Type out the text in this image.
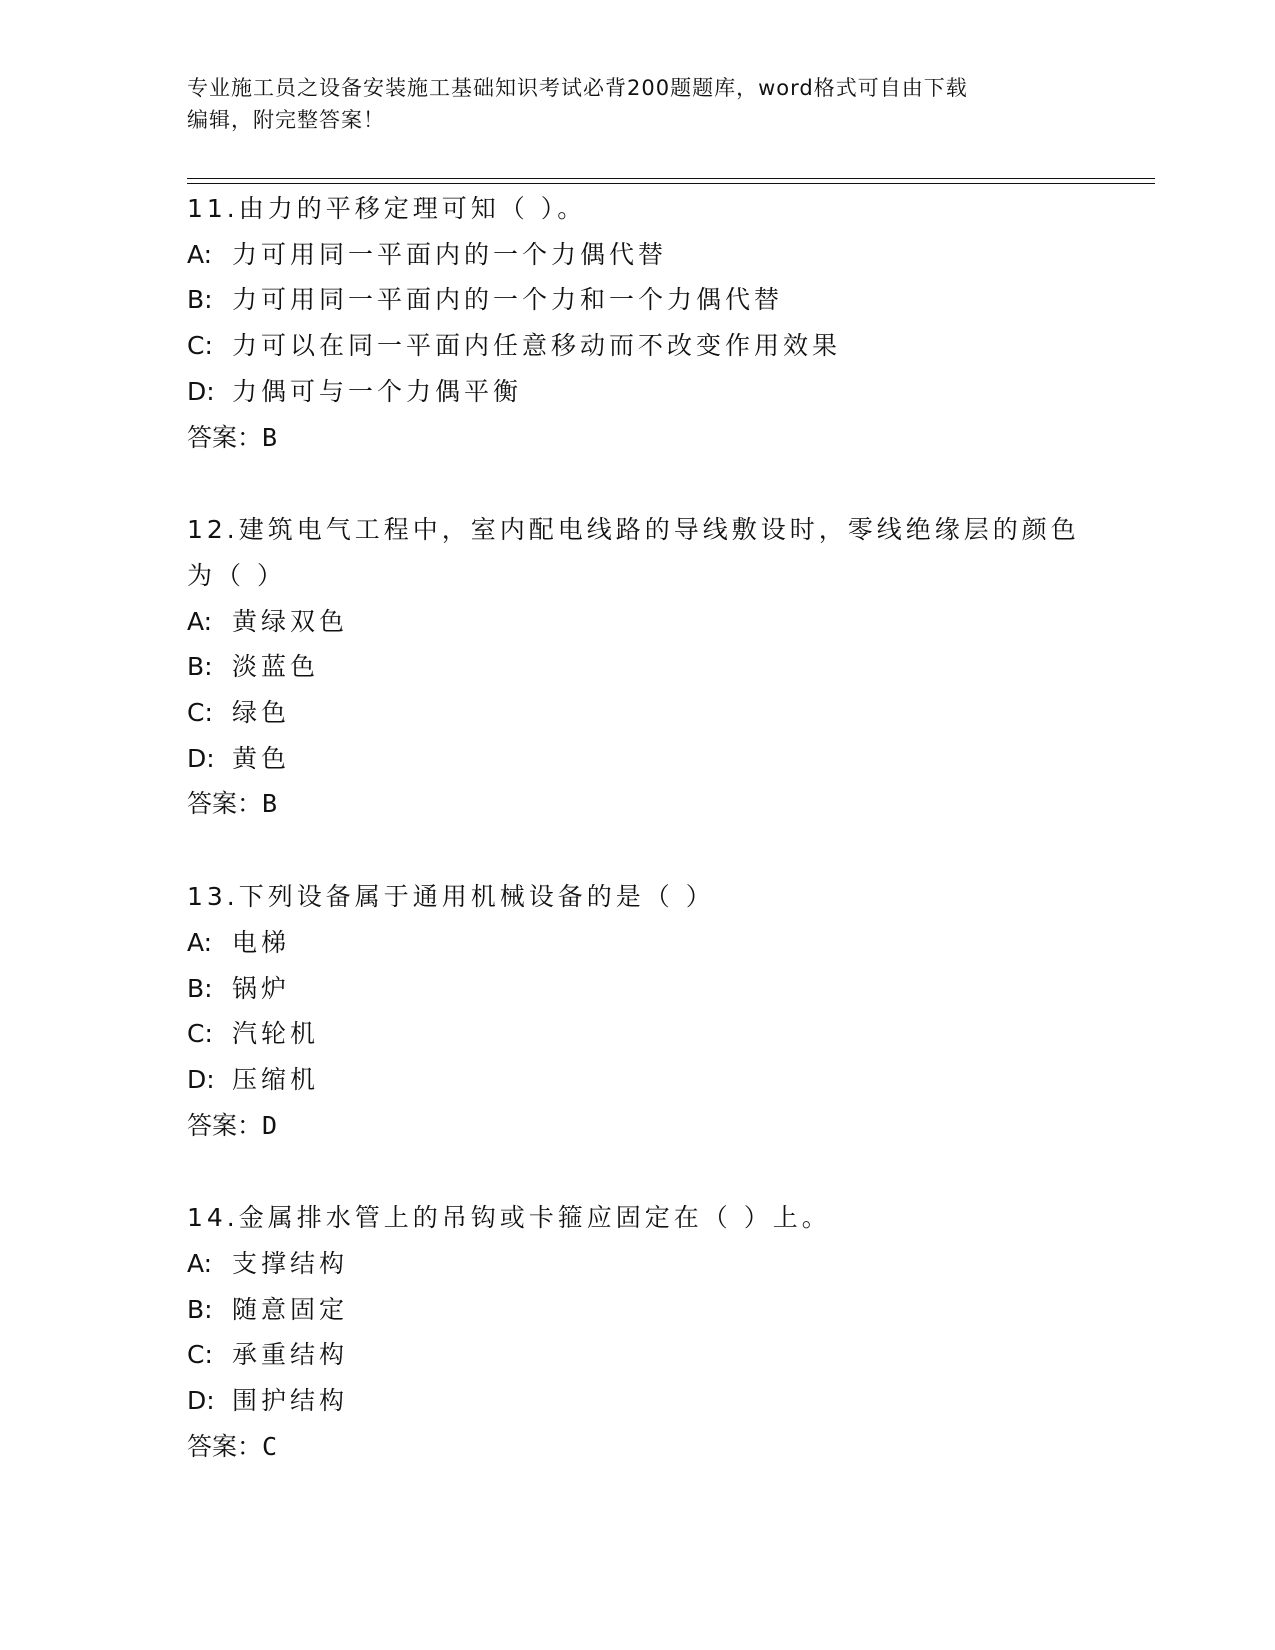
专业施工员之设备安装施工基础知识考试必背200题题库，word格式可自由下载
编辑，附完整答案！
11.由力的平移定理可知（ ）。
A: 力可用同一平面内的一个力偶代替
B: 力可用同一平面内的一个力和一个力偶代替
C: 力可以在同一平面内任意移动而不改变作用效果
D: 力偶可与一个力偶平衡
答案：B
12.建筑电气工程中，室内配电线路的导线敷设时，零线绝缘层的颜色为（ ）
A: 黄绿双色
B: 淡蓝色
C: 绿色
D: 黄色
答案：B
13.下列设备属于通用机械设备的是（ ）
A: 电梯
B: 锅炉
C: 汽轮机
D: 压缩机
答案：D
14.金属排水管上的吊钩或卡箍应固定在（ ）上。
A: 支撑结构
B: 随意固定
C: 承重结构
D: 围护结构
答案：C
